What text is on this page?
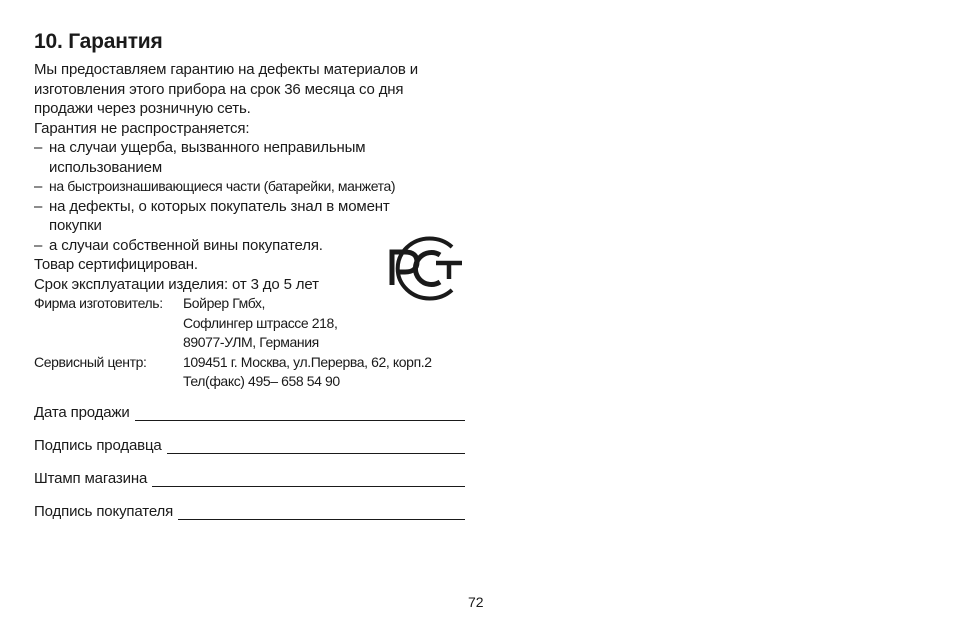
10. Гарантия
Мы предоставляем гарантию на дефекты материалов и
изготовления этого прибора на срок 36 месяца со дня
продажи через розничную сеть.
Гарантия не распространяется:
– на случаи ущерба, вызванного неправильным
использованием
– на быстроизнашивающиеся части (батарейки, манжета)
– на дефекты, о которых покупатель знал в момент
покупки
– а случаи собственной вины покупателя.
Товар сертифицирован.
Срок эксплуатации изделия: от 3 до 5 лет
Фирма изготовитель:	Бойрер Гмбх,
Софлингер штрассе 218,
89077-УЛМ, Германия
Сервисный центр:	109451 г. Москва, ул.Перерва, 62, корп.2
Тел(факс) 495– 658 54 90
Дата продажи
Подпись продавца
Штамп магазина
Подпись покупателя
72
